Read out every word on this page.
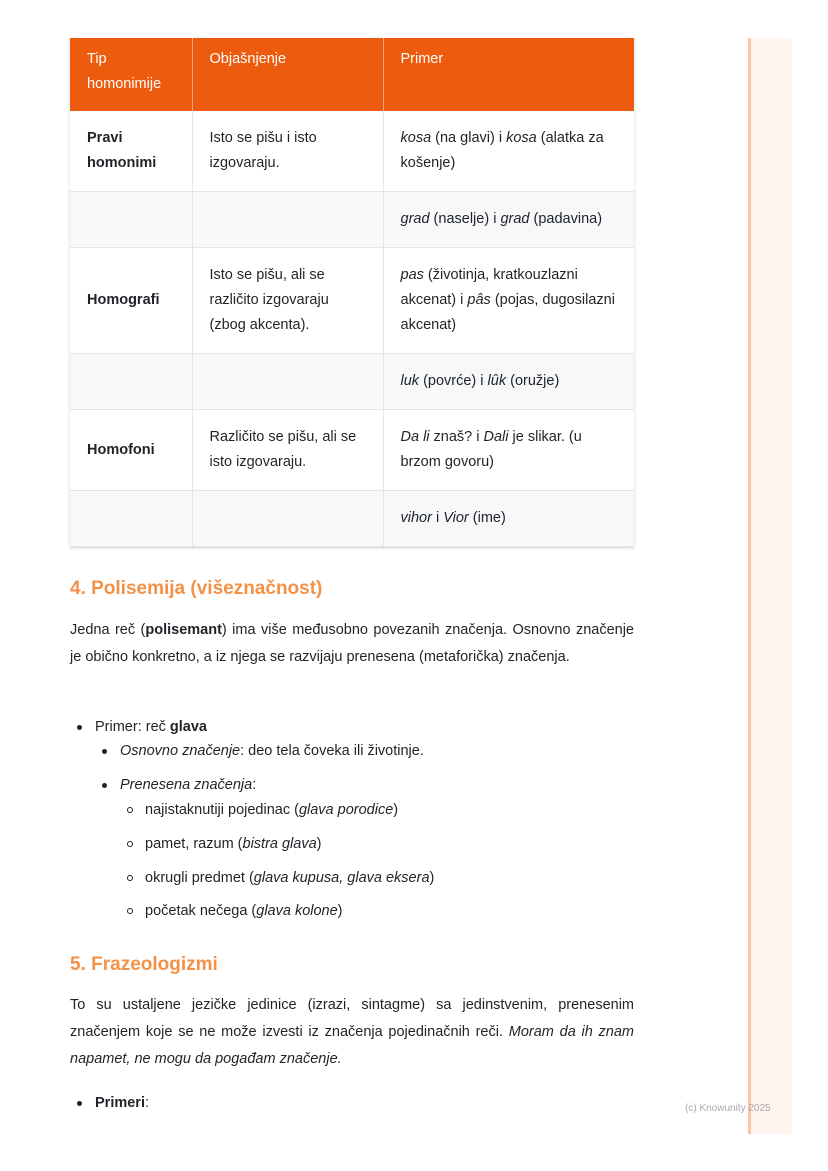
Tip homonimije	Objašnjenje	Primer
Pravi homonimi	Isto se pišu i isto izgovaraju.	kosa (na glavi) i kosa (alatka za košenje)
		grad (naselje) i grad (padavina)
Homografi	Isto se pišu, ali se različito izgovaraju (zbog akcenta).	pas (životinja, kratkouzlazni akcenat) i pâs (pojas, dugosilazni akcenat)
		luk (povrće) i lûk (oružje)
Homofoni	Različito se pišu, ali se isto izgovaraju.	Da li znaš? i Dali je slikar. (u brzom govoru)
		vihor i Vior (ime)
4. Polisemija (višeznačnost)

Jedna reč (polisemant) ima više međusobno povezanih značenja. Osnovno značenje je obično konkretno, a iz njega se razvijaju prenesena (metaforička) značenja.

Primer: reč glava
Osnovno značenje: deo tela čoveka ili životinje.
Prenesena značenja:
najistaknutiji pojedinac (glava porodice)
pamet, razum (bistra glava)
okrugli predmet (glava kupusa, glava eksera)
početak nečega (glava kolone)
5. Frazeologizmi

To su ustaljene jezičke jedinice (izrazi, sintagme) sa jedinstvenim, prenesenim značenjem koje se ne može izvesti iz značenja pojedinačnih reči. Moram da ih znam napamet, ne mogu da pogađam značenje.

Primeri:	(c) Knowunity 2025
